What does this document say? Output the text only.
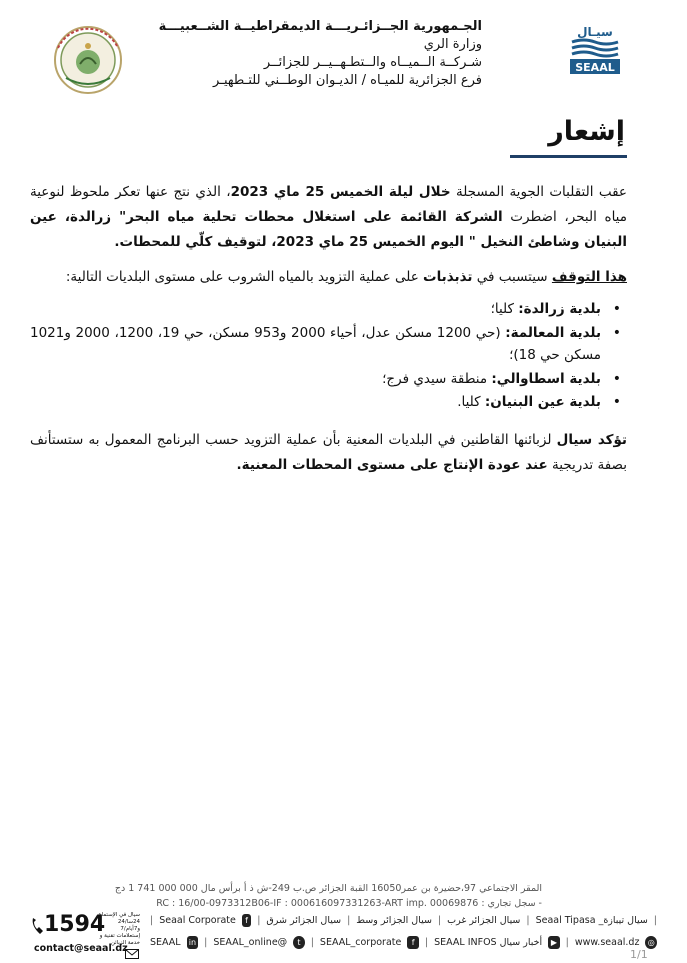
الجـمهورية الجــزائـريـــة الديمقراطيــة الشــعبيـــة
وزارة الري
شـركــة الــميــاه والــتطـهــيــر للجزائــر
فرع الجزائرية للميـاه / الديـوان الوطــني للتـطهيـر
سيـال
SEAAL
إشعار

عقب التقلبات الجوية المسجلة خلال ليلة الخميس 25 ماي 2023، الذي نتج عنها تعكر ملحوظ لنوعية مياه البحر، اضطرت الشركة القائمة على استغلال محطات تحلية مياه البحر" زرالدة، عين البنيان وشاطئ النخيل " اليوم الخميس 25 ماي 2023، لتوقيف كلّي للمحطات.

هذا التوقف سيتسبب في تذبذبات على عملية التزويد بالمياه الشروب على مستوى البلديات التالية:

• بلدية زرالدة: كليا؛
• بلدية المعالمة: (حي 1200 مسكن عدل، أحياء 2000 و953 مسكن، حي 19، 1200، 2000 و1021 مسكن حي 18)؛
• بلدية اسطاوالي: منطقة سيدي فرج؛
• بلدية عين البنيان: كليا.

تؤكد سيال لزبائنها القاطنين في البلديات المعنية بأن عملية التزويد حسب البرنامج المعمول به ستستأنف بصفة تدريجية عند عودة الإنتاج على مستوى المحطات المعنية.

المقر الاجتماعي 97،حضيرة بن عمر16050 القبة الجزائر ص.ب 249-ش ذ أ برأس مال 000 000 741 1 دج
- سجل تجاري : RC : 16/00-0973312B06-IF : 000616097331263-ART imp. 00069876
|
سيال تيبازة_ Seaal Tipasa
|
سيال الجزائر غرب
|
سيال الجزائر وسط
|
سيال الجزائر شرق
|
f
Seaal Corporate
|
◎
www.seaal.dz
|
▶
أخبار سيال SEAAL INFOS
|
f
SEAAL_corporate
|
t
@SEAAL_online
|
in
SEAAL
1594
سيال في الإستماع 24سا/24 و7أيام/7 إستعلامات تقنية و خدمة الزبائن
contact@seaal.dz	1/1
